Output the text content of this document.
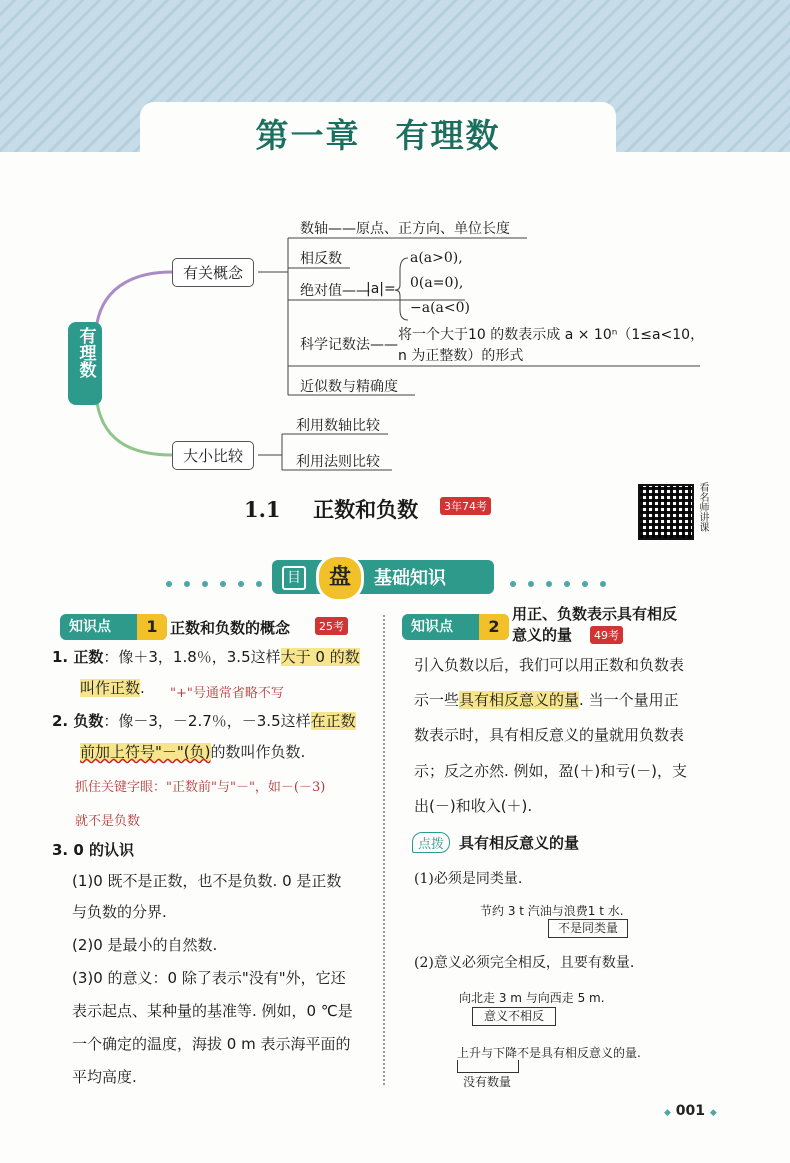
第一章　有理数
有理数
有关概念
大小比较
数轴——原点、正方向、单位长度
相反数
绝对值——
|a|=
a(a>0),
0(a=0),
−a(a<0)
科学记数法——
将一个大于10 的数表示成 a × 10ⁿ（1≤a<10，
n 为正整数）的形式
近似数与精确度
利用数轴比较
利用法则比较
1.1 正数和负数	3年74考	看名师讲课
目	盘	基础知识
知识点	1 正数和负数的概念	25考
1. 正数：像＋3，1.8％，3.5这样大于 0 的数
叫作正数. "+"号通常省略不写
2. 负数：像－3，－2.7％，－3.5这样在正数
前加上符号"－"(负)的数叫作负数.
抓住关键字眼："正数前"与"－"，如－(－3)
就不是负数
3. 0 的认识
(1)0 既不是正数，也不是负数. 0 是正数
与负数的分界.
(2)0 是最小的自然数.
(3)0 的意义：0 除了表示"没有"外，它还
表示起点、某种量的基准等. 例如，0 ℃是
一个确定的温度，海拔 0 m 表示海平面的
平均高度.
知识点	2
用正、负数表示具有相反
意义的量	49考
引入负数以后，我们可以用正数和负数表
示一些具有相反意义的量. 当一个量用正
数表示时，具有相反意义的量就用负数表
示；反之亦然. 例如，盈(＋)和亏(－)，支
出(－)和收入(＋).
点拨 具有相反意义的量
(1)必须是同类量.
节约 3 t 汽油与浪费1 t 水.
不是同类量
(2)意义必须完全相反，且要有数量.
向北走 3 m 与向西走 5 m.
意义不相反
上升与下降不是具有相反意义的量.
没有数量
◆ 001 ◆
